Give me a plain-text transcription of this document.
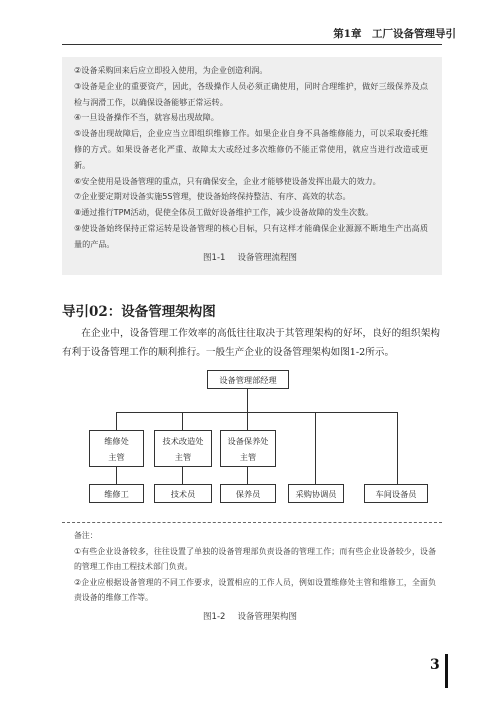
第1章　工厂设备管理导引

②设备采购回来后应立即投入使用，为企业创造利润。

③设备是企业的重要资产，因此，各级操作人员必须正确使用，同时合理维护，做好三级保养及点检与润滑工作，以确保设备能够正常运转。

④一旦设备操作不当，就容易出现故障。

⑤设备出现故障后，企业应当立即组织维修工作。如果企业自身不具备维修能力，可以采取委托维修的方式。如果设备老化严重、故障太大或经过多次维修仍不能正常使用，就应当进行改造或更新。

⑥安全使用是设备管理的重点，只有确保安全，企业才能够使设备发挥出最大的效力。

⑦企业要定期对设备实施5S管理，使设备始终保持整洁、有序、高效的状态。

⑧通过推行TPM活动，促使全体员工做好设备维护工作，减少设备故障的发生次数。

⑨使设备始终保持正常运转是设备管理的核心目标，只有这样才能确保企业源源不断地生产出高质量的产品。

图1-1 设备管理流程图
导引02：设备管理架构图

在企业中，设备管理工作效率的高低往往取决于其管理架构的好坏，良好的组织架构有利于设备管理工作的顺利推行。一般生产企业的设备管理架构如图1-2所示。

设备管理部经理
维修处
主管
技术改造处
主管
设备保养处
主管
维修工	技术员	保养员	采购协调员	车间设备员
备注：

①有些企业设备较多，往往设置了单独的设备管理部负责设备的管理工作；而有些企业设备较少，设备的管理工作由工程技术部门负责。

②企业应根据设备管理的不同工作要求，设置相应的工作人员，例如设置维修处主管和维修工，全面负责设备的维修工作等。

图1-2 设备管理架构图
3
